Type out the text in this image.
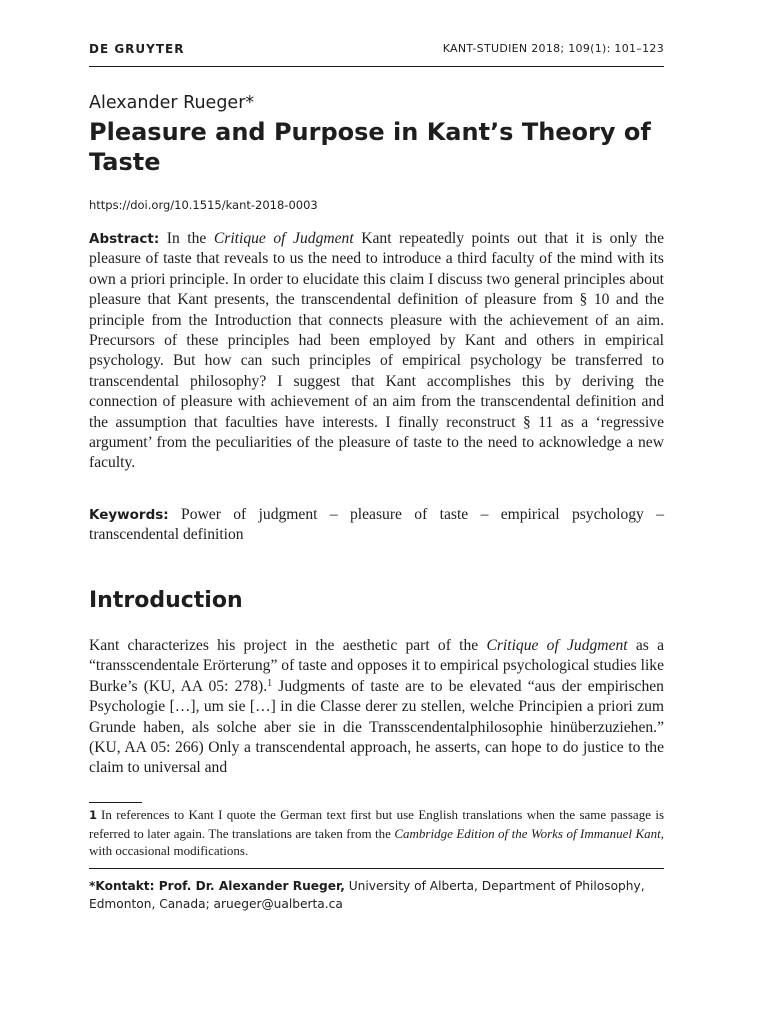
DE GRUYTER	KANT-STUDIEN 2018; 109(1): 101–123
Alexander Rueger*
Pleasure and Purpose in Kant’s Theory of Taste
https://doi.org/10.1515/kant-2018-0003

Abstract: In the Critique of Judgment Kant repeatedly points out that it is only the pleasure of taste that reveals to us the need to introduce a third faculty of the mind with its own a priori principle. In order to elucidate this claim I discuss two general principles about pleasure that Kant presents, the transcendental definition of pleasure from § 10 and the principle from the Introduction that connects pleasure with the achievement of an aim. Precursors of these principles had been employed by Kant and others in empirical psychology. But how can such principles of empirical psychology be transferred to transcendental philosophy? I suggest that Kant accomplishes this by deriving the connection of pleasure with achievement of an aim from the transcendental definition and the assumption that faculties have interests. I finally reconstruct § 11 as a ‘regressive argument’ from the peculiarities of the pleasure of taste to the need to acknowledge a new faculty.

Keywords: Power of judgment – pleasure of taste – empirical psychology – transcendental definition

Introduction

Kant characterizes his project in the aesthetic part of the Critique of Judgment as a “transscendentale Erörterung” of taste and opposes it to empirical psychological studies like Burke’s (KU, AA 05: 278).$^1$ Judgments of taste are to be elevated “aus der empirischen Psychologie […], um sie […] in die Classe derer zu stellen, welche Principien a priori zum Grunde haben, als solche aber sie in die Transscendentalphilosophie hinüberzuziehen.” (KU, AA 05: 266) Only a transcendental approach, he asserts, can hope to do justice to the claim to universal and

1 In references to Kant I quote the German text first but use English translations when the same passage is referred to later again. The translations are taken from the Cambridge Edition of the Works of Immanuel Kant, with occasional modifications.

*Kontakt: Prof. Dr. Alexander Rueger, University of Alberta, Department of Philosophy, Edmonton, Canada; arueger@ualberta.ca
